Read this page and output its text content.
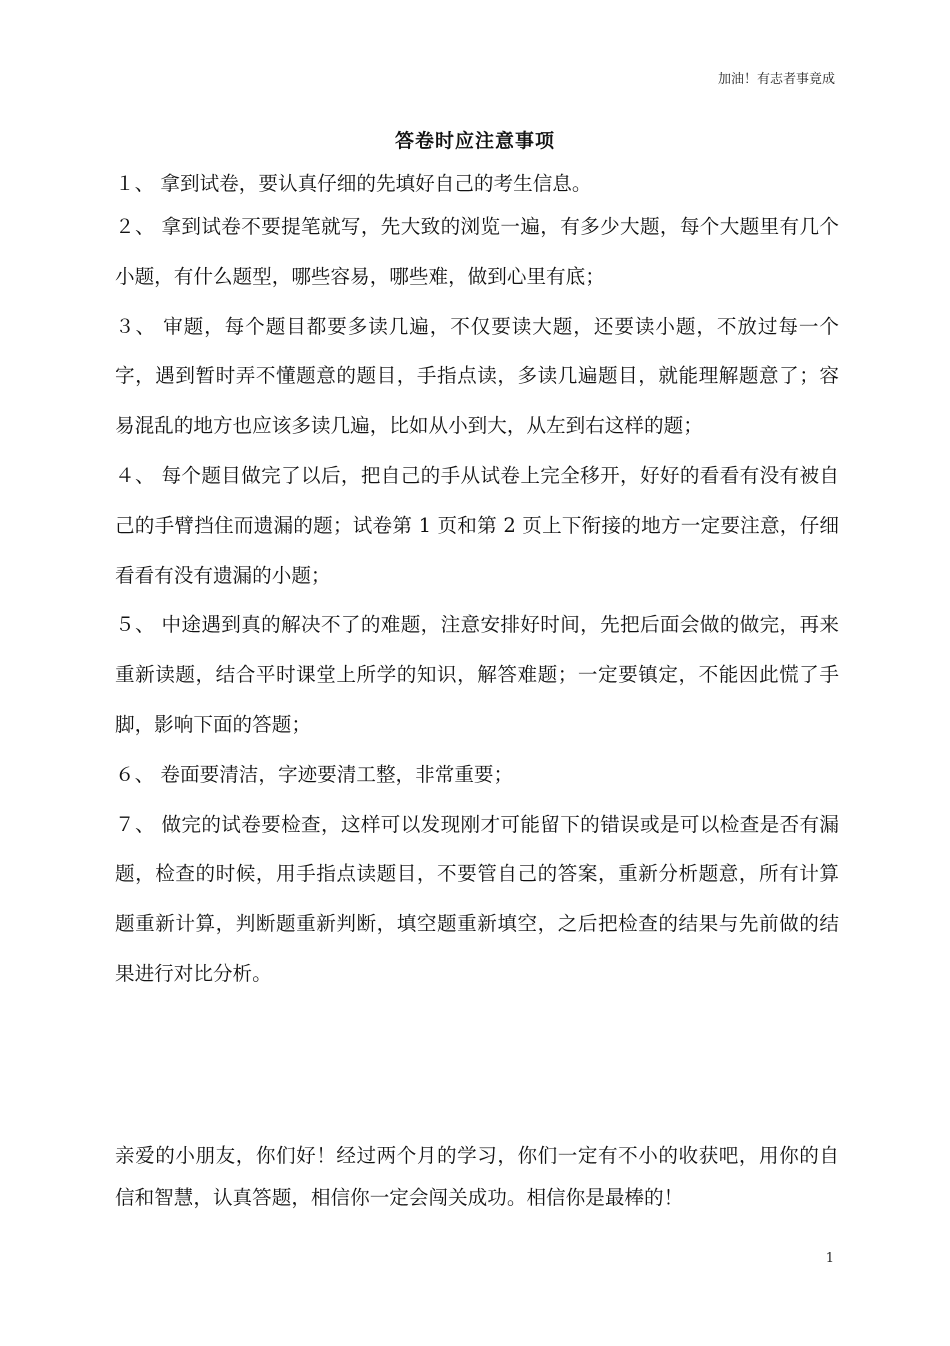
加油！有志者事竟成
答卷时应注意事项

１、 拿到试卷，要认真仔细的先填好自己的考生信息。

２、 拿到试卷不要提笔就写，先大致的浏览一遍，有多少大题，每个大题里有几个小题，有什么题型，哪些容易，哪些难，做到心里有底；

３、 审题，每个题目都要多读几遍，不仅要读大题，还要读小题，不放过每一个字，遇到暂时弄不懂题意的题目，手指点读，多读几遍题目，就能理解题意了；容易混乱的地方也应该多读几遍，比如从小到大，从左到右这样的题；

４、 每个题目做完了以后，把自己的手从试卷上完全移开，好好的看看有没有被自己的手臂挡住而遗漏的题；试卷第 1 页和第 2 页上下衔接的地方一定要注意，仔细看看有没有遗漏的小题；

５、 中途遇到真的解决不了的难题，注意安排好时间，先把后面会做的做完，再来重新读题，结合平时课堂上所学的知识，解答难题；一定要镇定，不能因此慌了手脚，影响下面的答题；

６、 卷面要清洁，字迹要清工整，非常重要；

７、 做完的试卷要检查，这样可以发现刚才可能留下的错误或是可以检查是否有漏题，检查的时候，用手指点读题目，不要管自己的答案，重新分析题意，所有计算题重新计算，判断题重新判断，填空题重新填空，之后把检查的结果与先前做的结果进行对比分析。

亲爱的小朋友，你们好！经过两个月的学习，你们一定有不小的收获吧，用你的自信和智慧，认真答题，相信你一定会闯关成功。相信你是最棒的！

1
